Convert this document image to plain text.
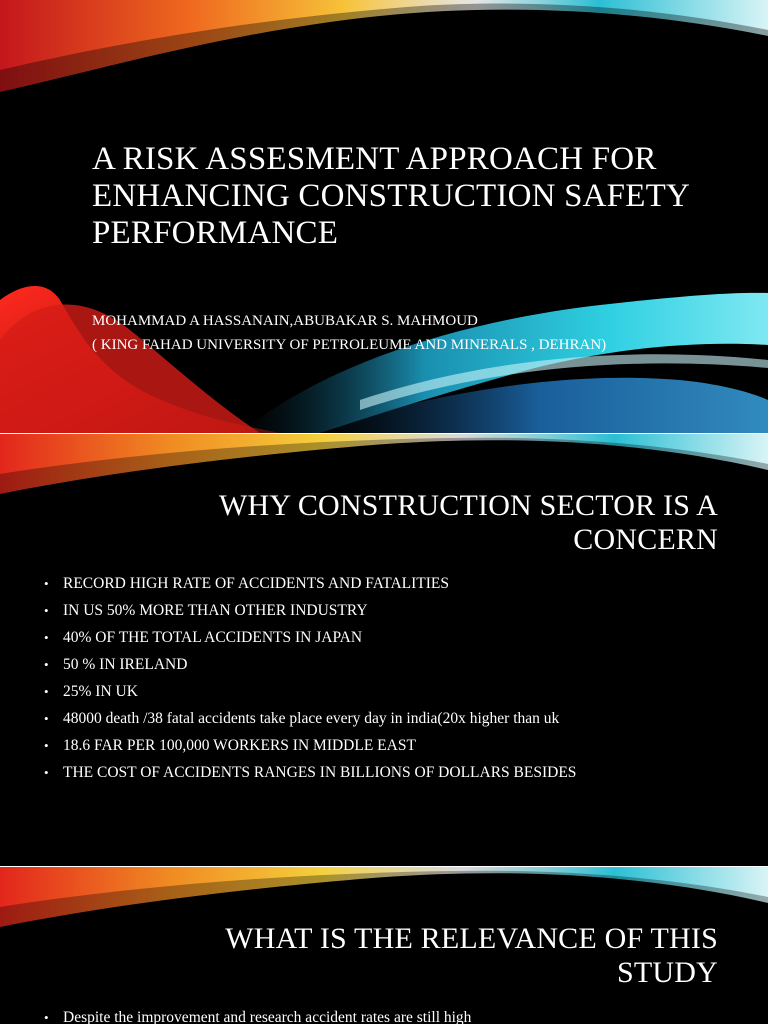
A RISK ASSESMENT APPROACH FOR ENHANCING CONSTRUCTION SAFETY PERFORMANCE
MOHAMMAD A HASSANAIN,ABUBAKAR S. MAHMOUD
( KING FAHAD UNIVERSITY OF PETROLEUME AND MINERALS , DEHRAN)
WHY CONSTRUCTION SECTOR IS A CONCERN
• RECORD HIGH RATE OF ACCIDENTS AND FATALITIES
• IN US 50% MORE THAN OTHER INDUSTRY
• 40% OF THE TOTAL ACCIDENTS IN JAPAN
• 50 % IN IRELAND
• 25% IN UK
• 48000 death /38 fatal accidents take place every day in india(20x higher than uk
• 18.6 FAR PER 100,000 WORKERS IN MIDDLE EAST
• THE COST OF ACCIDENTS RANGES IN BILLIONS OF DOLLARS BESIDES
WHAT IS THE RELEVANCE OF THIS STUDY
• Despite the improvement and research accident rates are still high
